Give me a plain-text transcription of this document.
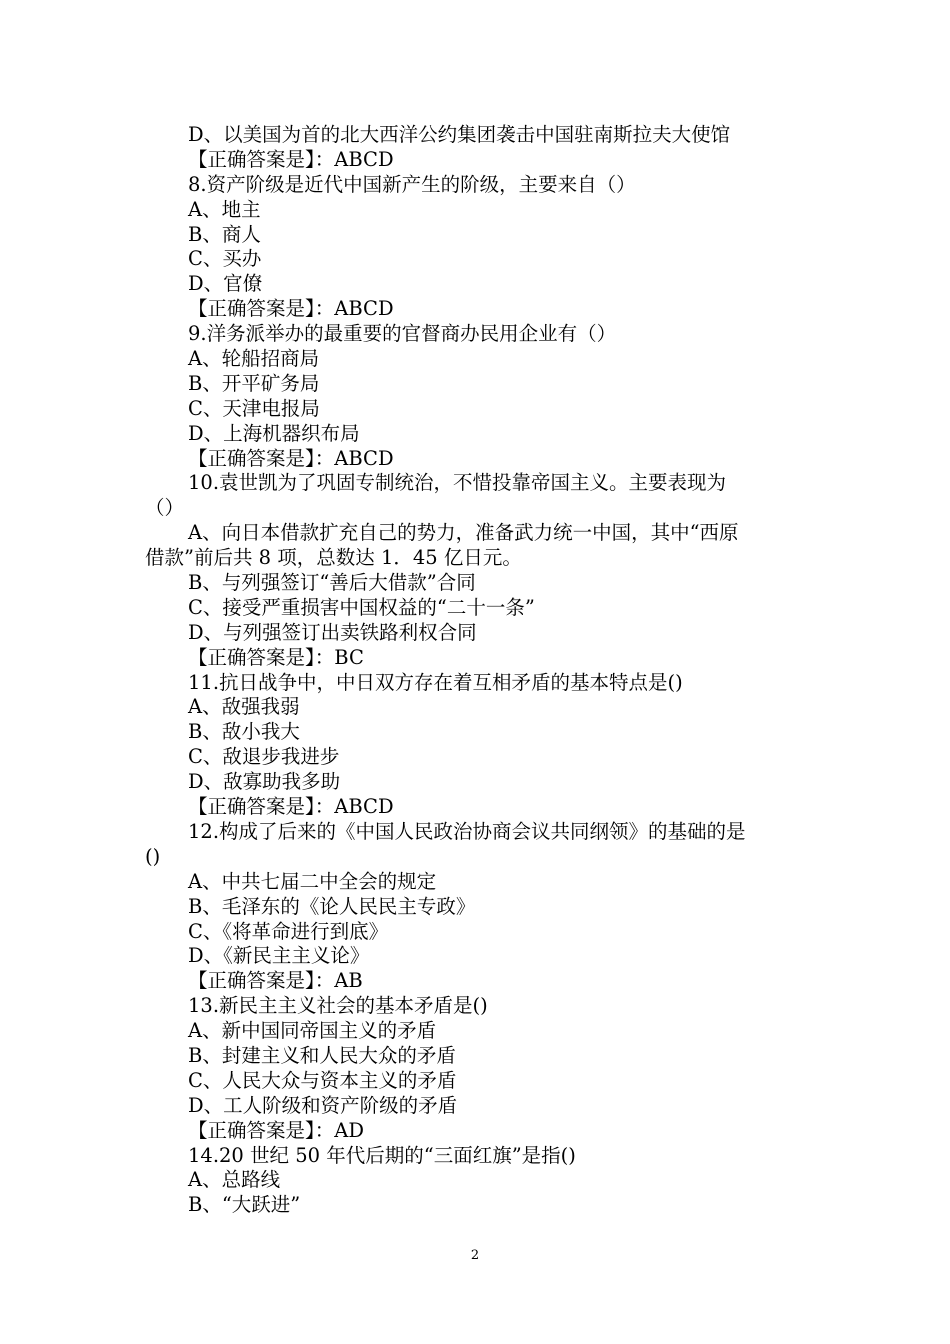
D、以美国为首的北大西洋公约集团袭击中国驻南斯拉夫大使馆
【正确答案是】：ABCD
8.资产阶级是近代中国新产生的阶级，主要来自（）
A、地主
B、商人
C、买办
D、官僚
【正确答案是】：ABCD
9.洋务派举办的最重要的官督商办民用企业有（）
A、轮船招商局
B、开平矿务局
C、天津电报局
D、上海机器织布局
【正确答案是】：ABCD
10.袁世凯为了巩固专制统治，不惜投靠帝国主义。主要表现为
（）
A、向日本借款扩充自己的势力，准备武力统一中国，其中“西原
借款”前后共 8 项，总数达 1．45 亿日元。
B、与列强签订“善后大借款”合同
C、接受严重损害中国权益的“二十一条”
D、与列强签订出卖铁路利权合同
【正确答案是】：BC
11.抗日战争中，中日双方存在着互相矛盾的基本特点是()
A、敌强我弱
B、敌小我大
C、敌退步我进步
D、敌寡助我多助
【正确答案是】：ABCD
12.构成了后来的《中国人民政治协商会议共同纲领》的基础的是
()
A、中共七届二中全会的规定
B、毛泽东的《论人民民主专政》
C、《将革命进行到底》
D、《新民主主义论》
【正确答案是】：AB
13.新民主主义社会的基本矛盾是()
A、新中国同帝国主义的矛盾
B、封建主义和人民大众的矛盾
C、人民大众与资本主义的矛盾
D、工人阶级和资产阶级的矛盾
【正确答案是】：AD
14.20 世纪 50 年代后期的“三面红旗”是指()
A、总路线
B、“大跃进”
2
